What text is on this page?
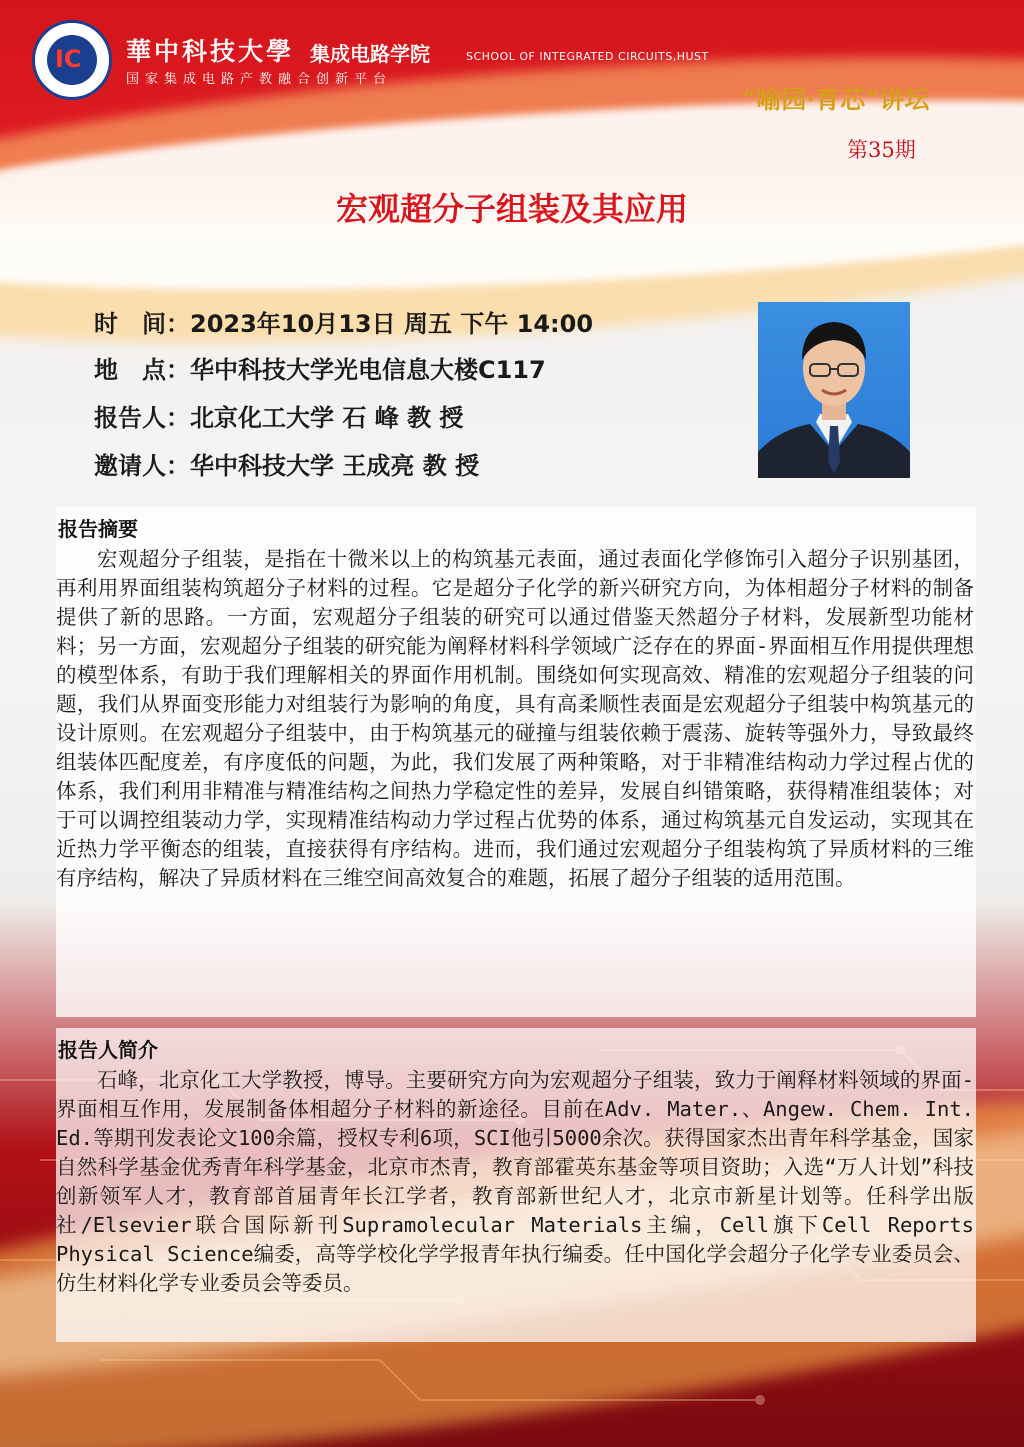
IC 華中科技大學 集成电路学院	SCHOOL OF INTEGRATED CIRCUITS,HUST
国家集成电路产教融合创新平台
“喻园·育芯”讲坛
第35期
宏观超分子组装及其应用
时　间：2023年10月13日 周五 下午 14:00
地　点：华中科技大学光电信息大楼C117
报告人：北京化工大学 石 峰 教 授
邀请人：华中科技大学 王成亮 教 授
报告摘要
宏观超分子组装，是指在十微米以上的构筑基元表面，通过表面化学修饰引入超分子识别基团，再利用界面组装构筑超分子材料的过程。它是超分子化学的新兴研究方向，为体相超分子材料的制备提供了新的思路。一方面，宏观超分子组装的研究可以通过借鉴天然超分子材料，发展新型功能材料；另一方面，宏观超分子组装的研究能为阐释材料科学领域广泛存在的界面-界面相互作用提供理想的模型体系，有助于我们理解相关的界面作用机制。围绕如何实现高效、精准的宏观超分子组装的问题，我们从界面变形能力对组装行为影响的角度，具有高柔顺性表面是宏观超分子组装中构筑基元的设计原则。在宏观超分子组装中，由于构筑基元的碰撞与组装依赖于震荡、旋转等强外力，导致最终组装体匹配度差，有序度低的问题，为此，我们发展了两种策略，对于非精准结构动力学过程占优的体系，我们利用非精准与精准结构之间热力学稳定性的差异，发展自纠错策略，获得精准组装体；对于可以调控组装动力学，实现精准结构动力学过程占优势的体系，通过构筑基元自发运动，实现其在近热力学平衡态的组装，直接获得有序结构。进而，我们通过宏观超分子组装构筑了异质材料的三维有序结构，解决了异质材料在三维空间高效复合的难题，拓展了超分子组装的适用范围。
报告人简介
石峰，北京化工大学教授，博导。主要研究方向为宏观超分子组装，致力于阐释材料领域的界面-界面相互作用，发展制备体相超分子材料的新途径。目前在Adv. Mater.、Angew. Chem. Int. Ed.等期刊发表论文100余篇，授权专利6项，SCI他引5000余次。获得国家杰出青年科学基金，国家自然科学基金优秀青年科学基金，北京市杰青，教育部霍英东基金等项目资助；入选“万人计划”科技创新领军人才，教育部首届青年长江学者，教育部新世纪人才，北京市新星计划等。任科学出版社/Elsevier联合国际新刊Supramolecular Materials主编，Cell旗下Cell Reports Physical Science编委，高等学校化学学报青年执行编委。任中国化学会超分子化学专业委员会、仿生材料化学专业委员会等委员。
